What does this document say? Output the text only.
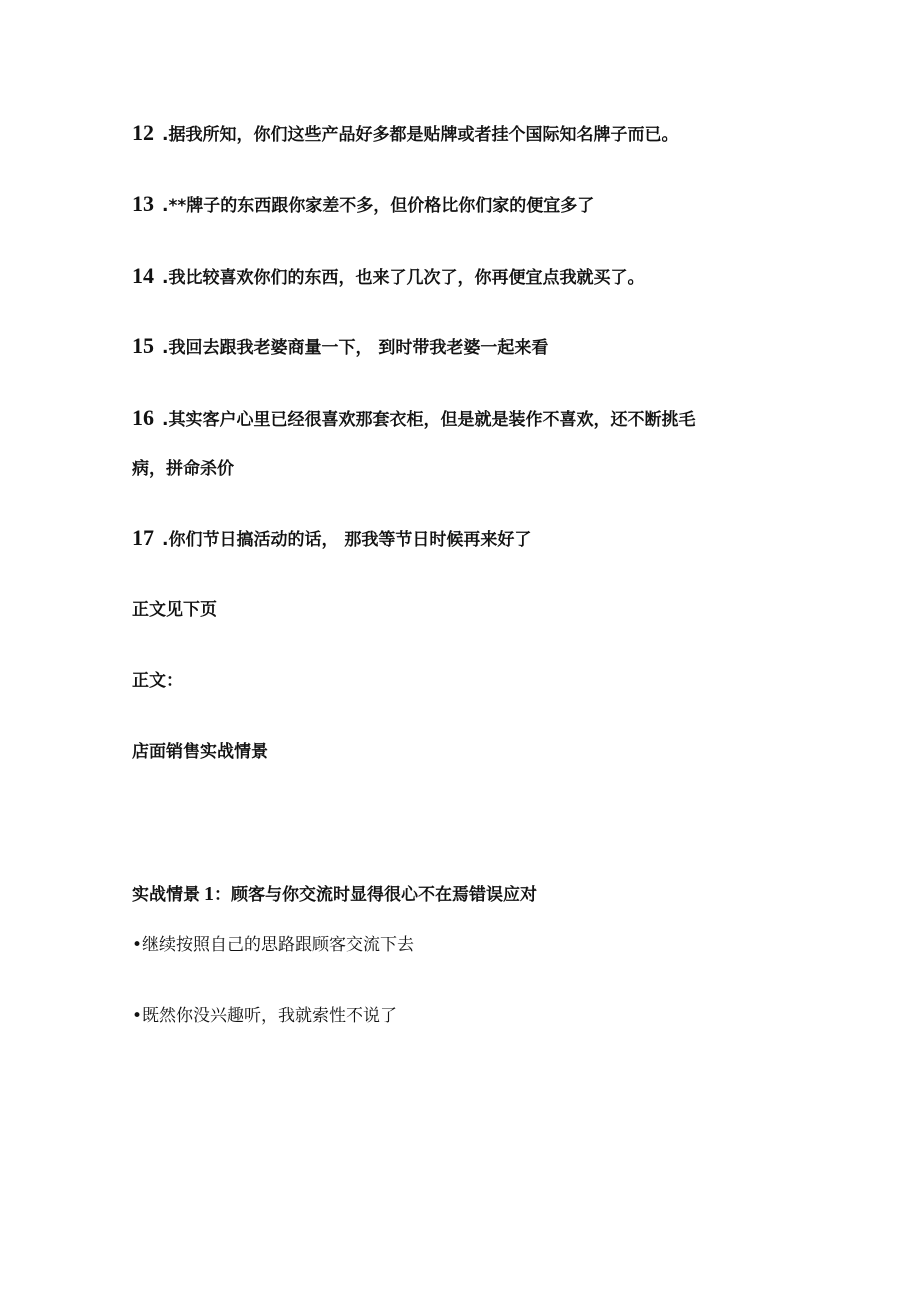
12 .据我所知，你们这些产品好多都是贴牌或者挂个国际知名牌子而已。
13 .**牌子的东西跟你家差不多，但价格比你们家的便宜多了
14 .我比较喜欢你们的东西，也来了几次了，你再便宜点我就买了。
15 .我回去跟我老婆商量一下， 到时带我老婆一起来看
16 .其实客户心里已经很喜欢那套衣柜，但是就是装作不喜欢，还不断挑毛
病，拼命杀价
17 .你们节日搞活动的话， 那我等节日时候再来好了
正文见下页
正文：
店面销售实战情景
实战情景 1：顾客与你交流时显得很心不在焉错误应对
•继续按照自己的思路跟顾客交流下去
•既然你没兴趣听，我就索性不说了
